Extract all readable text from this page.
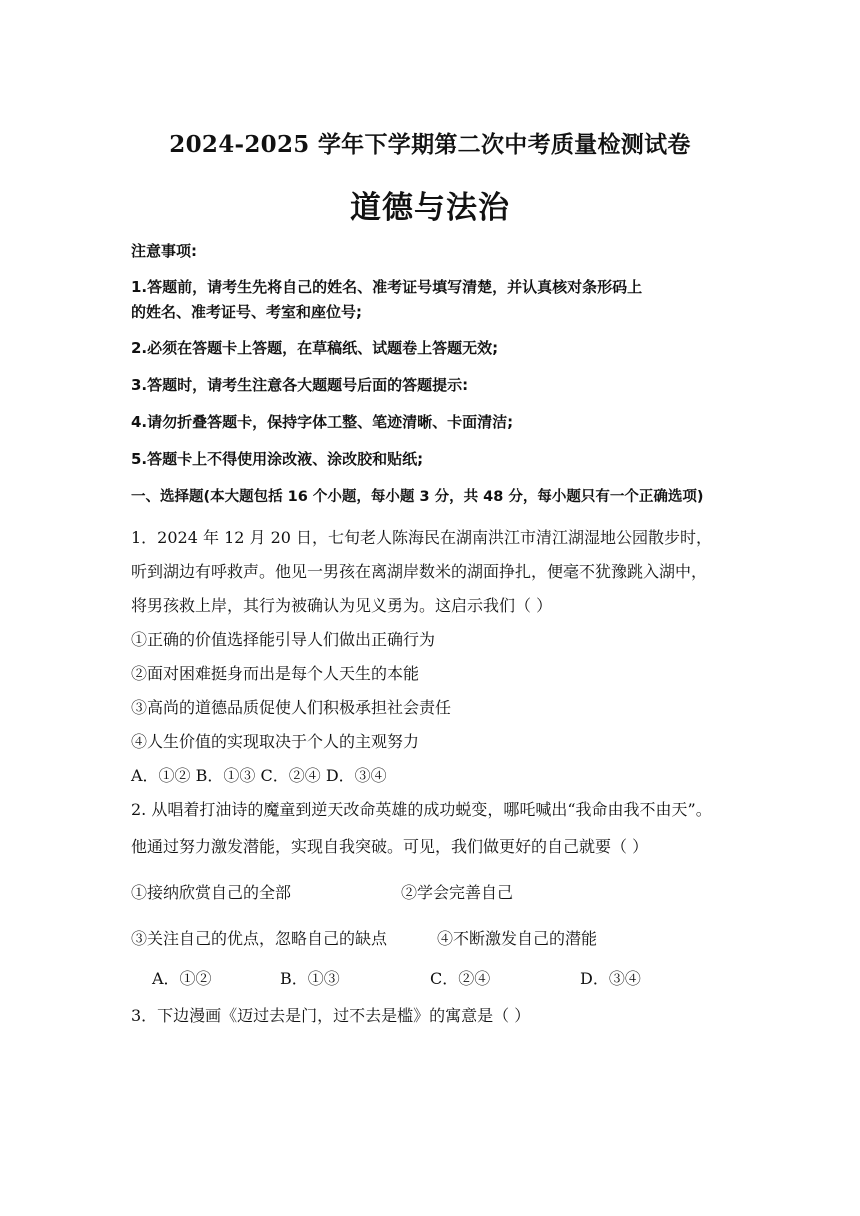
2024-2025 学年下学期第二次中考质量检测试卷
道德与法治
注意事项:
1.答题前，请考生先将自己的姓名、准考证号填写清楚，并认真核对条形码上
的姓名、准考证号、考室和座位号;
2.必须在答题卡上答题，在草稿纸、试题卷上答题无效;
3.答题时，请考生注意各大题题号后面的答题提示:
4.请勿折叠答题卡，保持字体工整、笔迹清晰、卡面清洁;
5.答题卡上不得使用涂改液、涂改胶和贴纸;
一、选择题(本大题包括 16 个小题，每小题 3 分，共 48 分，每小题只有一个正确选项)
1．2024 年 12 月 20 日，七旬老人陈海民在湖南洪江市清江湖湿地公园散步时，
听到湖边有呼救声。他见一男孩在离湖岸数米的湖面挣扎，便毫不犹豫跳入湖中，
将男孩救上岸，其行为被确认为见义勇为。这启示我们（ ）
①正确的价值选择能引导人们做出正确行为
②面对困难挺身而出是每个人天生的本能
③高尚的道德品质促使人们积极承担社会责任
④人生价值的实现取决于个人的主观努力
A．①② B．①③ C．②④ D．③④
2. 从唱着打油诗的魔童到逆天改命英雄的成功蜕变，哪吒喊出“我命由我不由天”。
他通过努力激发潜能，实现自我突破。可见，我们做更好的自己就要（ ）
①接纳欣赏自己的全部	②学会完善自己
③关注自己的优点，忽略自己的缺点	④不断激发自己的潜能
A．①②	B．①③	C．②④	D．③④
3．下边漫画《迈过去是门，过不去是槛》的寓意是（ ）
